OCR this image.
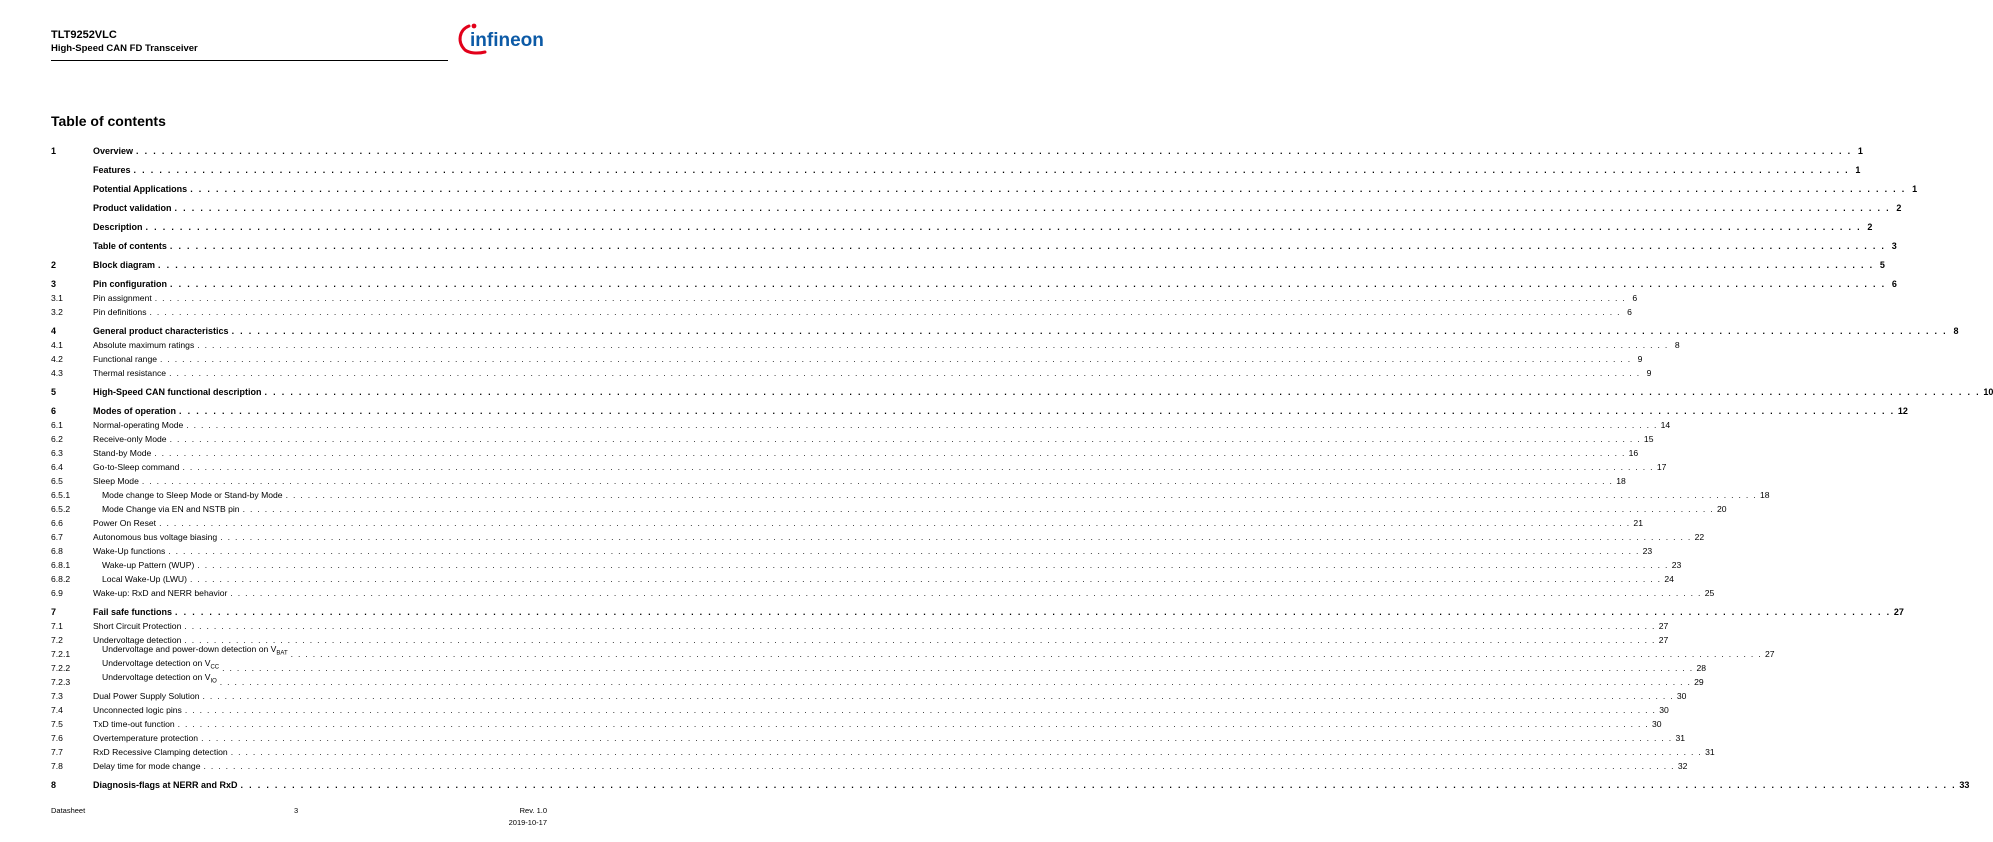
TLT9252VLC
High-Speed CAN FD Transceiver	infineon
Table of contents
1	Overview . . . . . . . . . . . . . . . . . . . . . . . . . . . . . . . . . . . . . . . . . . . . . . . . . . . . . . . . . . . . . . . . . . . . . . . . . . . . . . . . . . . . . . . . . . . . . . . . . . . . . . . . . . . . . . . . . . . . . . . . . . . . . . . . . . . . . . . . . . . . . . . . . . . . . . . . . . . . . . . . . . . . . . . . . . . . . . . . . . . . . . . . . . . . . . . . . . . . . . . . 1
Features . . . . . . . . . . . . . . . . . . . . . . . . . . . . . . . . . . . . . . . . . . . . . . . . . . . . . . . . . . . . . . . . . . . . . . . . . . . . . . . . . . . . . . . . . . . . . . . . . . . . . . . . . . . . . . . . . . . . . . . . . . . . . . . . . . . . . . . . . . . . . . . . . . . . . . . . . . . . . . . . . . . . . . . . . . . . . . . . . . . . . . . . . . . . . . . . . . . . . . . . 1
Potential Applications . . . . . . . . . . . . . . . . . . . . . . . . . . . . . . . . . . . . . . . . . . . . . . . . . . . . . . . . . . . . . . . . . . . . . . . . . . . . . . . . . . . . . . . . . . . . . . . . . . . . . . . . . . . . . . . . . . . . . . . . . . . . . . . . . . . . . . . . . . . . . . . . . . . . . . . . . . . . . . . . . . . . . . . . . . . . . . . . . . . . . . . . . . . . . . . . . . . . . . . . 1
Product validation . . . . . . . . . . . . . . . . . . . . . . . . . . . . . . . . . . . . . . . . . . . . . . . . . . . . . . . . . . . . . . . . . . . . . . . . . . . . . . . . . . . . . . . . . . . . . . . . . . . . . . . . . . . . . . . . . . . . . . . . . . . . . . . . . . . . . . . . . . . . . . . . . . . . . . . . . . . . . . . . . . . . . . . . . . . . . . . . . . . . . . . . . . . . . . . . . . . . . . . . 2
Description . . . . . . . . . . . . . . . . . . . . . . . . . . . . . . . . . . . . . . . . . . . . . . . . . . . . . . . . . . . . . . . . . . . . . . . . . . . . . . . . . . . . . . . . . . . . . . . . . . . . . . . . . . . . . . . . . . . . . . . . . . . . . . . . . . . . . . . . . . . . . . . . . . . . . . . . . . . . . . . . . . . . . . . . . . . . . . . . . . . . . . . . . . . . . . . . . . . . . . . . 2
Table of contents . . . . . . . . . . . . . . . . . . . . . . . . . . . . . . . . . . . . . . . . . . . . . . . . . . . . . . . . . . . . . . . . . . . . . . . . . . . . . . . . . . . . . . . . . . . . . . . . . . . . . . . . . . . . . . . . . . . . . . . . . . . . . . . . . . . . . . . . . . . . . . . . . . . . . . . . . . . . . . . . . . . . . . . . . . . . . . . . . . . . . . . . . . . . . . . . . . . . . . . . 3
2	Block diagram . . . . . . . . . . . . . . . . . . . . . . . . . . . . . . . . . . . . . . . . . . . . . . . . . . . . . . . . . . . . . . . . . . . . . . . . . . . . . . . . . . . . . . . . . . . . . . . . . . . . . . . . . . . . . . . . . . . . . . . . . . . . . . . . . . . . . . . . . . . . . . . . . . . . . . . . . . . . . . . . . . . . . . . . . . . . . . . . . . . . . . . . . . . . . . . . . . . . . . . . 5
3	Pin configuration . . . . . . . . . . . . . . . . . . . . . . . . . . . . . . . . . . . . . . . . . . . . . . . . . . . . . . . . . . . . . . . . . . . . . . . . . . . . . . . . . . . . . . . . . . . . . . . . . . . . . . . . . . . . . . . . . . . . . . . . . . . . . . . . . . . . . . . . . . . . . . . . . . . . . . . . . . . . . . . . . . . . . . . . . . . . . . . . . . . . . . . . . . . . . . . . . . . . . . . . 6
3.1	Pin assignment . . . . . . . . . . . . . . . . . . . . . . . . . . . . . . . . . . . . . . . . . . . . . . . . . . . . . . . . . . . . . . . . . . . . . . . . . . . . . . . . . . . . . . . . . . . . . . . . . . . . . . . . . . . . . . . . . . . . . . . . . . . . . . . . . . . . . . . . . . . . . . . . . . . . . . . . . . . . . . . . . . . . . . . . . . . . . . . . . . . . . . . . . . . . . . . . . . . . . . . . 6
3.2	Pin definitions . . . . . . . . . . . . . . . . . . . . . . . . . . . . . . . . . . . . . . . . . . . . . . . . . . . . . . . . . . . . . . . . . . . . . . . . . . . . . . . . . . . . . . . . . . . . . . . . . . . . . . . . . . . . . . . . . . . . . . . . . . . . . . . . . . . . . . . . . . . . . . . . . . . . . . . . . . . . . . . . . . . . . . . . . . . . . . . . . . . . . . . . . . . . . . . . . . . . . . . . 6
4	General product characteristics . . . . . . . . . . . . . . . . . . . . . . . . . . . . . . . . . . . . . . . . . . . . . . . . . . . . . . . . . . . . . . . . . . . . . . . . . . . . . . . . . . . . . . . . . . . . . . . . . . . . . . . . . . . . . . . . . . . . . . . . . . . . . . . . . . . . . . . . . . . . . . . . . . . . . . . . . . . . . . . . . . . . . . . . . . . . . . . . . . . . . . . . . . . . . . . . . . . . . . . . 8
4.1	Absolute maximum ratings . . . . . . . . . . . . . . . . . . . . . . . . . . . . . . . . . . . . . . . . . . . . . . . . . . . . . . . . . . . . . . . . . . . . . . . . . . . . . . . . . . . . . . . . . . . . . . . . . . . . . . . . . . . . . . . . . . . . . . . . . . . . . . . . . . . . . . . . . . . . . . . . . . . . . . . . . . . . . . . . . . . . . . . . . . . . . . . . . . . . . . . . . . . . . . . . . . . . . . . . 8
4.2	Functional range . . . . . . . . . . . . . . . . . . . . . . . . . . . . . . . . . . . . . . . . . . . . . . . . . . . . . . . . . . . . . . . . . . . . . . . . . . . . . . . . . . . . . . . . . . . . . . . . . . . . . . . . . . . . . . . . . . . . . . . . . . . . . . . . . . . . . . . . . . . . . . . . . . . . . . . . . . . . . . . . . . . . . . . . . . . . . . . . . . . . . . . . . . . . . . . . . . . . . . . . 9
4.3	Thermal resistance . . . . . . . . . . . . . . . . . . . . . . . . . . . . . . . . . . . . . . . . . . . . . . . . . . . . . . . . . . . . . . . . . . . . . . . . . . . . . . . . . . . . . . . . . . . . . . . . . . . . . . . . . . . . . . . . . . . . . . . . . . . . . . . . . . . . . . . . . . . . . . . . . . . . . . . . . . . . . . . . . . . . . . . . . . . . . . . . . . . . . . . . . . . . . . . . . . . . . . . . 9
5	High-Speed CAN functional description . . . . . . . . . . . . . . . . . . . . . . . . . . . . . . . . . . . . . . . . . . . . . . . . . . . . . . . . . . . . . . . . . . . . . . . . . . . . . . . . . . . . . . . . . . . . . . . . . . . . . . . . . . . . . . . . . . . . . . . . . . . . . . . . . . . . . . . . . . . . . . . . . . . . . . . . . . . . . . . . . . . . . . . . . . . . . . . . . . . . . . . . . . . . . . . . . . . . . . . . 10
6	Modes of operation . . . . . . . . . . . . . . . . . . . . . . . . . . . . . . . . . . . . . . . . . . . . . . . . . . . . . . . . . . . . . . . . . . . . . . . . . . . . . . . . . . . . . . . . . . . . . . . . . . . . . . . . . . . . . . . . . . . . . . . . . . . . . . . . . . . . . . . . . . . . . . . . . . . . . . . . . . . . . . . . . . . . . . . . . . . . . . . . . . . . . . . . . . . . . . . . . . . . . . . . 12
6.1	Normal-operating Mode . . . . . . . . . . . . . . . . . . . . . . . . . . . . . . . . . . . . . . . . . . . . . . . . . . . . . . . . . . . . . . . . . . . . . . . . . . . . . . . . . . . . . . . . . . . . . . . . . . . . . . . . . . . . . . . . . . . . . . . . . . . . . . . . . . . . . . . . . . . . . . . . . . . . . . . . . . . . . . . . . . . . . . . . . . . . . . . . . . . . . . . . . . . . . . . . . . . . . . . . 14
6.2	Receive-only Mode . . . . . . . . . . . . . . . . . . . . . . . . . . . . . . . . . . . . . . . . . . . . . . . . . . . . . . . . . . . . . . . . . . . . . . . . . . . . . . . . . . . . . . . . . . . . . . . . . . . . . . . . . . . . . . . . . . . . . . . . . . . . . . . . . . . . . . . . . . . . . . . . . . . . . . . . . . . . . . . . . . . . . . . . . . . . . . . . . . . . . . . . . . . . . . . . . . . . . . . . 15
6.3	Stand-by Mode . . . . . . . . . . . . . . . . . . . . . . . . . . . . . . . . . . . . . . . . . . . . . . . . . . . . . . . . . . . . . . . . . . . . . . . . . . . . . . . . . . . . . . . . . . . . . . . . . . . . . . . . . . . . . . . . . . . . . . . . . . . . . . . . . . . . . . . . . . . . . . . . . . . . . . . . . . . . . . . . . . . . . . . . . . . . . . . . . . . . . . . . . . . . . . . . . . . . . . . . 16
6.4	Go-to-Sleep command . . . . . . . . . . . . . . . . . . . . . . . . . . . . . . . . . . . . . . . . . . . . . . . . . . . . . . . . . . . . . . . . . . . . . . . . . . . . . . . . . . . . . . . . . . . . . . . . . . . . . . . . . . . . . . . . . . . . . . . . . . . . . . . . . . . . . . . . . . . . . . . . . . . . . . . . . . . . . . . . . . . . . . . . . . . . . . . . . . . . . . . . . . . . . . . . . . . . . . . . 17
6.5	Sleep Mode . . . . . . . . . . . . . . . . . . . . . . . . . . . . . . . . . . . . . . . . . . . . . . . . . . . . . . . . . . . . . . . . . . . . . . . . . . . . . . . . . . . . . . . . . . . . . . . . . . . . . . . . . . . . . . . . . . . . . . . . . . . . . . . . . . . . . . . . . . . . . . . . . . . . . . . . . . . . . . . . . . . . . . . . . . . . . . . . . . . . . . . . . . . . . . . . . . . . . . . . 18
6.5.1	Mode change to Sleep Mode or Stand-by Mode . . . . . . . . . . . . . . . . . . . . . . . . . . . . . . . . . . . . . . . . . . . . . . . . . . . . . . . . . . . . . . . . . . . . . . . . . . . . . . . . . . . . . . . . . . . . . . . . . . . . . . . . . . . . . . . . . . . . . . . . . . . . . . . . . . . . . . . . . . . . . . . . . . . . . . . . . . . . . . . . . . . . . . . . . . . . . . . . . . . . . . . . . . . . . . . . . . . . . . . . 18
6.5.2	Mode Change via EN and NSTB pin . . . . . . . . . . . . . . . . . . . . . . . . . . . . . . . . . . . . . . . . . . . . . . . . . . . . . . . . . . . . . . . . . . . . . . . . . . . . . . . . . . . . . . . . . . . . . . . . . . . . . . . . . . . . . . . . . . . . . . . . . . . . . . . . . . . . . . . . . . . . . . . . . . . . . . . . . . . . . . . . . . . . . . . . . . . . . . . . . . . . . . . . . . . . . . . . . . . . . . . . 20
6.6	Power On Reset . . . . . . . . . . . . . . . . . . . . . . . . . . . . . . . . . . . . . . . . . . . . . . . . . . . . . . . . . . . . . . . . . . . . . . . . . . . . . . . . . . . . . . . . . . . . . . . . . . . . . . . . . . . . . . . . . . . . . . . . . . . . . . . . . . . . . . . . . . . . . . . . . . . . . . . . . . . . . . . . . . . . . . . . . . . . . . . . . . . . . . . . . . . . . . . . . . . . . . . . 21
6.7	Autonomous bus voltage biasing . . . . . . . . . . . . . . . . . . . . . . . . . . . . . . . . . . . . . . . . . . . . . . . . . . . . . . . . . . . . . . . . . . . . . . . . . . . . . . . . . . . . . . . . . . . . . . . . . . . . . . . . . . . . . . . . . . . . . . . . . . . . . . . . . . . . . . . . . . . . . . . . . . . . . . . . . . . . . . . . . . . . . . . . . . . . . . . . . . . . . . . . . . . . . . . . . . . . . . . . 22
6.8	Wake-Up functions . . . . . . . . . . . . . . . . . . . . . . . . . . . . . . . . . . . . . . . . . . . . . . . . . . . . . . . . . . . . . . . . . . . . . . . . . . . . . . . . . . . . . . . . . . . . . . . . . . . . . . . . . . . . . . . . . . . . . . . . . . . . . . . . . . . . . . . . . . . . . . . . . . . . . . . . . . . . . . . . . . . . . . . . . . . . . . . . . . . . . . . . . . . . . . . . . . . . . . . . 23
6.8.1	Wake-up Pattern (WUP) . . . . . . . . . . . . . . . . . . . . . . . . . . . . . . . . . . . . . . . . . . . . . . . . . . . . . . . . . . . . . . . . . . . . . . . . . . . . . . . . . . . . . . . . . . . . . . . . . . . . . . . . . . . . . . . . . . . . . . . . . . . . . . . . . . . . . . . . . . . . . . . . . . . . . . . . . . . . . . . . . . . . . . . . . . . . . . . . . . . . . . . . . . . . . . . . . . . . . . . . 23
6.8.2	Local Wake-Up (LWU) . . . . . . . . . . . . . . . . . . . . . . . . . . . . . . . . . . . . . . . . . . . . . . . . . . . . . . . . . . . . . . . . . . . . . . . . . . . . . . . . . . . . . . . . . . . . . . . . . . . . . . . . . . . . . . . . . . . . . . . . . . . . . . . . . . . . . . . . . . . . . . . . . . . . . . . . . . . . . . . . . . . . . . . . . . . . . . . . . . . . . . . . . . . . . . . . . . . . . . . . 24
6.9	Wake-up: RxD and NERR behavior . . . . . . . . . . . . . . . . . . . . . . . . . . . . . . . . . . . . . . . . . . . . . . . . . . . . . . . . . . . . . . . . . . . . . . . . . . . . . . . . . . . . . . . . . . . . . . . . . . . . . . . . . . . . . . . . . . . . . . . . . . . . . . . . . . . . . . . . . . . . . . . . . . . . . . . . . . . . . . . . . . . . . . . . . . . . . . . . . . . . . . . . . . . . . . . . . . . . . . . . 25
7	Fail safe functions . . . . . . . . . . . . . . . . . . . . . . . . . . . . . . . . . . . . . . . . . . . . . . . . . . . . . . . . . . . . . . . . . . . . . . . . . . . . . . . . . . . . . . . . . . . . . . . . . . . . . . . . . . . . . . . . . . . . . . . . . . . . . . . . . . . . . . . . . . . . . . . . . . . . . . . . . . . . . . . . . . . . . . . . . . . . . . . . . . . . . . . . . . . . . . . . . . . . . . . . 27
7.1	Short Circuit Protection . . . . . . . . . . . . . . . . . . . . . . . . . . . . . . . . . . . . . . . . . . . . . . . . . . . . . . . . . . . . . . . . . . . . . . . . . . . . . . . . . . . . . . . . . . . . . . . . . . . . . . . . . . . . . . . . . . . . . . . . . . . . . . . . . . . . . . . . . . . . . . . . . . . . . . . . . . . . . . . . . . . . . . . . . . . . . . . . . . . . . . . . . . . . . . . . . . . . . . . . 27
7.2	Undervoltage detection . . . . . . . . . . . . . . . . . . . . . . . . . . . . . . . . . . . . . . . . . . . . . . . . . . . . . . . . . . . . . . . . . . . . . . . . . . . . . . . . . . . . . . . . . . . . . . . . . . . . . . . . . . . . . . . . . . . . . . . . . . . . . . . . . . . . . . . . . . . . . . . . . . . . . . . . . . . . . . . . . . . . . . . . . . . . . . . . . . . . . . . . . . . . . . . . . . . . . . . . 27
7.2.1	Undervoltage and power-down detection on $V_{BAT}$ . . . . . . . . . . . . . . . . . . . . . . . . . . . . . . . . . . . . . . . . . . . . . . . . . . . . . . . . . . . . . . . . . . . . . . . . . . . . . . . . . . . . . . . . . . . . . . . . . . . . . . . . . . . . . . . . . . . . . . . . . . . . . . . . . . . . . . . . . . . . . . . . . . . . . . . . . . . . . . . . . . . . . . . . . . . . . . . . . . . . . . . . . . . . . . . . . . . . . . . . 27
7.2.2	Undervoltage detection on $V_{CC}$ . . . . . . . . . . . . . . . . . . . . . . . . . . . . . . . . . . . . . . . . . . . . . . . . . . . . . . . . . . . . . . . . . . . . . . . . . . . . . . . . . . . . . . . . . . . . . . . . . . . . . . . . . . . . . . . . . . . . . . . . . . . . . . . . . . . . . . . . . . . . . . . . . . . . . . . . . . . . . . . . . . . . . . . . . . . . . . . . . . . . . . . . . . . . . . . . . . . . . . . . 28
7.2.3	Undervoltage detection on $V_{IO}$ . . . . . . . . . . . . . . . . . . . . . . . . . . . . . . . . . . . . . . . . . . . . . . . . . . . . . . . . . . . . . . . . . . . . . . . . . . . . . . . . . . . . . . . . . . . . . . . . . . . . . . . . . . . . . . . . . . . . . . . . . . . . . . . . . . . . . . . . . . . . . . . . . . . . . . . . . . . . . . . . . . . . . . . . . . . . . . . . . . . . . . . . . . . . . . . . . . . . . . . . 29
7.3	Dual Power Supply Solution . . . . . . . . . . . . . . . . . . . . . . . . . . . . . . . . . . . . . . . . . . . . . . . . . . . . . . . . . . . . . . . . . . . . . . . . . . . . . . . . . . . . . . . . . . . . . . . . . . . . . . . . . . . . . . . . . . . . . . . . . . . . . . . . . . . . . . . . . . . . . . . . . . . . . . . . . . . . . . . . . . . . . . . . . . . . . . . . . . . . . . . . . . . . . . . . . . . . . . . . 30
7.4	Unconnected logic pins . . . . . . . . . . . . . . . . . . . . . . . . . . . . . . . . . . . . . . . . . . . . . . . . . . . . . . . . . . . . . . . . . . . . . . . . . . . . . . . . . . . . . . . . . . . . . . . . . . . . . . . . . . . . . . . . . . . . . . . . . . . . . . . . . . . . . . . . . . . . . . . . . . . . . . . . . . . . . . . . . . . . . . . . . . . . . . . . . . . . . . . . . . . . . . . . . . . . . . . . 30
7.5	TxD time-out function . . . . . . . . . . . . . . . . . . . . . . . . . . . . . . . . . . . . . . . . . . . . . . . . . . . . . . . . . . . . . . . . . . . . . . . . . . . . . . . . . . . . . . . . . . . . . . . . . . . . . . . . . . . . . . . . . . . . . . . . . . . . . . . . . . . . . . . . . . . . . . . . . . . . . . . . . . . . . . . . . . . . . . . . . . . . . . . . . . . . . . . . . . . . . . . . . . . . . . . . 30
7.6	Overtemperature protection . . . . . . . . . . . . . . . . . . . . . . . . . . . . . . . . . . . . . . . . . . . . . . . . . . . . . . . . . . . . . . . . . . . . . . . . . . . . . . . . . . . . . . . . . . . . . . . . . . . . . . . . . . . . . . . . . . . . . . . . . . . . . . . . . . . . . . . . . . . . . . . . . . . . . . . . . . . . . . . . . . . . . . . . . . . . . . . . . . . . . . . . . . . . . . . . . . . . . . . . 31
7.7	RxD Recessive Clamping detection . . . . . . . . . . . . . . . . . . . . . . . . . . . . . . . . . . . . . . . . . . . . . . . . . . . . . . . . . . . . . . . . . . . . . . . . . . . . . . . . . . . . . . . . . . . . . . . . . . . . . . . . . . . . . . . . . . . . . . . . . . . . . . . . . . . . . . . . . . . . . . . . . . . . . . . . . . . . . . . . . . . . . . . . . . . . . . . . . . . . . . . . . . . . . . . . . . . . . . . . 31
7.8	Delay time for mode change . . . . . . . . . . . . . . . . . . . . . . . . . . . . . . . . . . . . . . . . . . . . . . . . . . . . . . . . . . . . . . . . . . . . . . . . . . . . . . . . . . . . . . . . . . . . . . . . . . . . . . . . . . . . . . . . . . . . . . . . . . . . . . . . . . . . . . . . . . . . . . . . . . . . . . . . . . . . . . . . . . . . . . . . . . . . . . . . . . . . . . . . . . . . . . . . . . . . . . . . 32
8	Diagnosis-flags at NERR and RxD . . . . . . . . . . . . . . . . . . . . . . . . . . . . . . . . . . . . . . . . . . . . . . . . . . . . . . . . . . . . . . . . . . . . . . . . . . . . . . . . . . . . . . . . . . . . . . . . . . . . . . . . . . . . . . . . . . . . . . . . . . . . . . . . . . . . . . . . . . . . . . . . . . . . . . . . . . . . . . . . . . . . . . . . . . . . . . . . . . . . . . . . . . . . . . . . . . . . . . . . 33
Datasheet	3	Rev. 1.0
2019-10-17
